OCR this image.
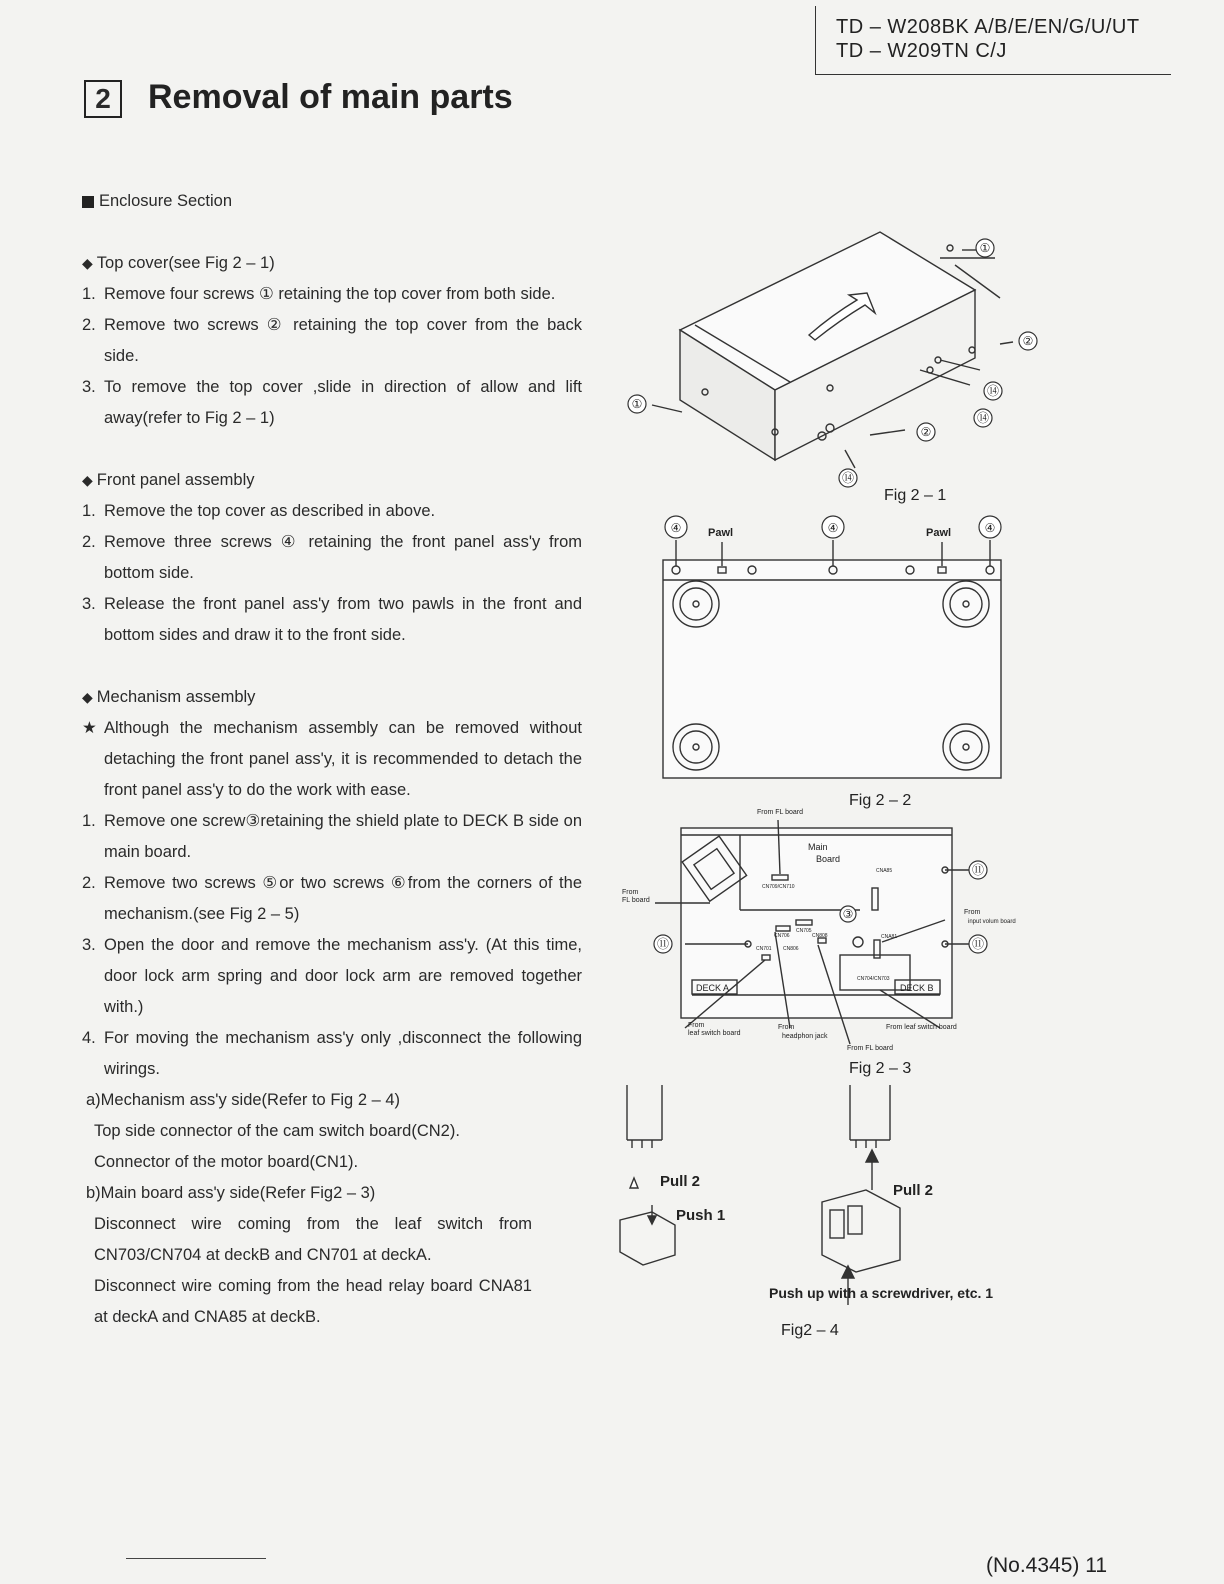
TD – W208BK A/B/E/EN/G/U/UT
TD – W209TN C/J
2	Removal of main parts
Enclosure Section
◆ Top cover(see Fig 2 – 1)
1. Remove four screws ① retaining the top cover from both side.
2. Remove two screws ② retaining the top cover from the back side.
3. To remove the top cover ,slide in direction of allow and lift away(refer to Fig 2 – 1)
◆ Front panel assembly
1. Remove the top cover as described in above.
2. Remove three screws ④ retaining the front panel ass'y from bottom side.
3. Release the front panel ass'y from two pawls in the front and bottom sides and draw it to the front side.
◆ Mechanism assembly
★ Although the mechanism assembly can be removed without detaching the front panel ass'y, it is recommended to detach the front panel ass'y to do the work with ease.
1. Remove one screw③retaining the shield plate to DECK B side on main board.
2. Remove two screws ⑤or two screws ⑥from the corners of the mechanism.(see Fig 2 – 5)
3. Open the door and remove the mechanism ass'y. (At this time, door lock arm spring and door lock arm are removed together with.)
4. For moving the mechanism ass'y only ,disconnect the following wirings.
a)Mechanism ass'y side(Refer to Fig 2 – 4)
Top side connector of the cam switch board(CN2).
Connector of the motor board(CN1).
b)Main board ass'y side(Refer Fig2 – 3)
Disconnect wire coming from the leaf switch from CN703/CN704 at deckB and CN701 at deckA.
Disconnect wire coming from the head relay board CNA81 at deckA and CNA85 at deckB.
①
①
②
②
⑭
⑭
⑭
④	④	④
③
⑪
⑪
⑪
Fig 2 – 1
Fig 2 – 2
Fig 2 – 3
Fig2 – 4
Pawl	Pawl
From FL board
Main
Board
CN709/CN710
From
FL board
CNA85
From
input volum board
CN705
CN706	CN808
CN701 CN806
CNA81
CN704/CN703
DECK A	DECK B
From
leaf switch board
From
headphon jack
From leaf switch board
From FL board
Pull 2
Push 1
Pull 2
Push up with a screwdriver, etc. 1
(No.4345) 11
